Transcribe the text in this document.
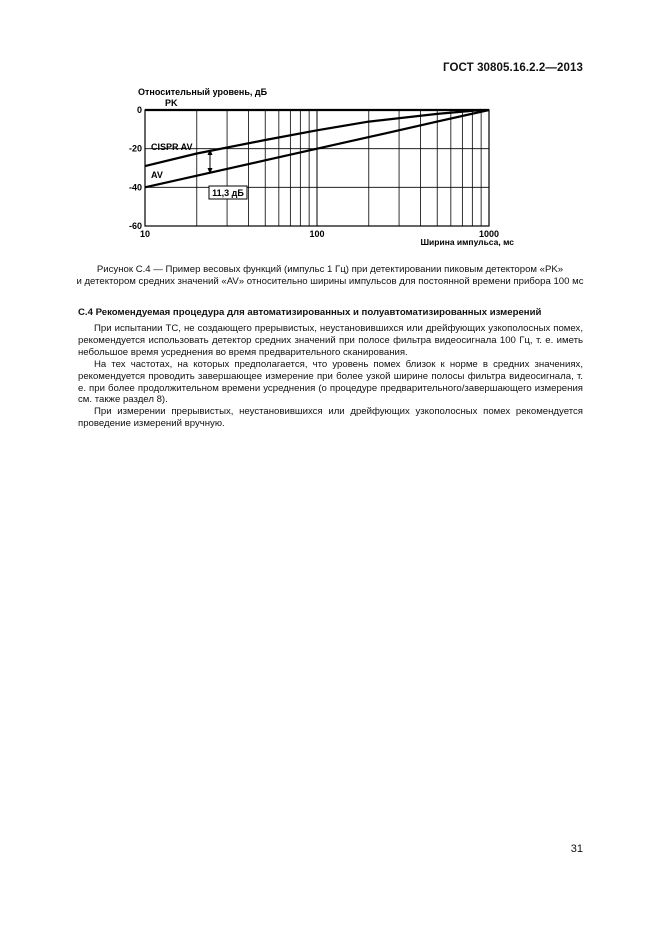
ГОСТ 30805.16.2.2—2013
0
-20
-40
-60
10	100	1000
Относительный уровень, дБ
Ширина импульса, мс
PK
CISPR AV
AV
11,3 дБ
Рисунок С.4 — Пример весовых функций (импульс 1 Гц) при детектировании пиковым детектором «PK»
и детектором средних значений «AV» относительно ширины импульсов для постоянной времени прибора 100 мс
С.4 Рекомендуемая процедура для автоматизированных и полуавтоматизированных измерений

При испытании ТС, не создающего прерывистых, неустановившихся или дрейфующих узкополосных помех, рекомендуется использовать детектор средних значений при полосе фильтра видеосигнала 100 Гц, т. е. иметь небольшое время усреднения во время предварительного сканирования.

На тех частотах, на которых предполагается, что уровень помех близок к норме в средних значениях, рекомендуется проводить завершающее измерение при более узкой ширине полосы фильтра видеосигнала, т. е. при более продолжительном времени усреднения (о процедуре предварительного/завершающего измерения см. также раздел 8).

При измерении прерывистых, неустановившихся или дрейфующих узкополосных помех рекомендуется проведение измерений вручную.

31
